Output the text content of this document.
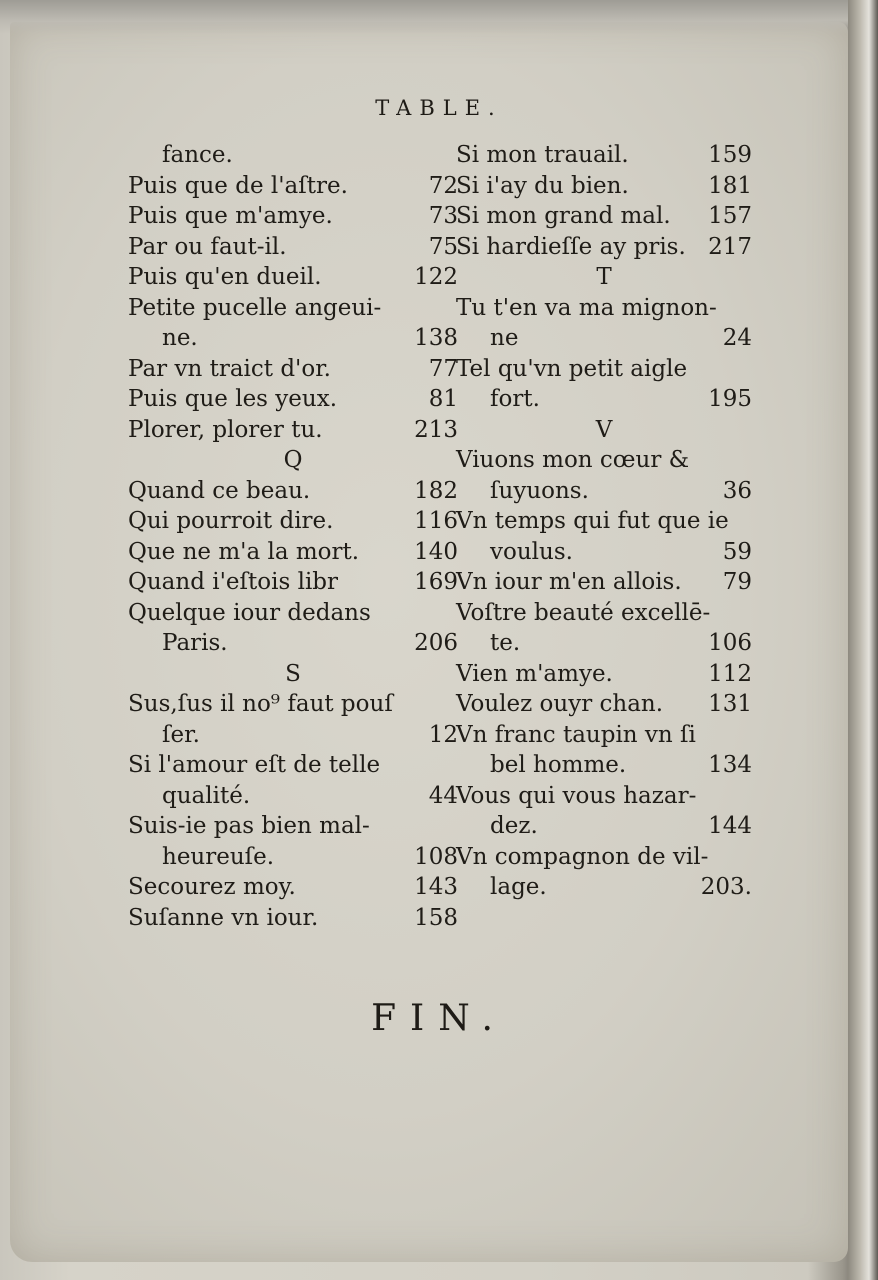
TABLE.
fance.
Puis que de l'aſtre.	72
Puis que m'amye.	73
Par ou faut-il.	75
Puis qu'en dueil.	122
Petite pucelle angeui-
ne.	138
Par vn traict d'or.	77
Puis que les yeux.	81
Plorer, plorer tu.	213
Q
Quand ce beau.	182
Qui pourroit dire.	116
Que ne m'a la mort. 140
Quand i'eſtois libr	169
Quelque iour dedans
Paris.	206
S
Sus,ſus il no⁹ faut pouſ
ſer.	12
Si l'amour eſt de telle
qualité.	44
Suis-ie pas bien mal-
heureuſe.	108
Secourez moy.	143
Suſanne vn iour.	158
Si mon trauail.	159
Si i'ay du bien.	181
Si mon grand mal. 157
Si hardieſſe ay pris. 217
T
Tu t'en va ma mignon-
ne	24
Tel qu'vn petit aigle
fort.	195
V
Viuons mon cœur &
ſuyuons.	36
Vn temps qui fut que ie
voulus.	59
Vn iour m'en allois. 79
Voſtre beauté excellē-
te.	106
Vien m'amye.	112
Voulez ouyr chan. 131
Vn franc taupin vn ſi
bel homme.	134
Vous qui vous hazar-
dez.	144
Vn compagnon de vil-
lage.	203.
FIN.
